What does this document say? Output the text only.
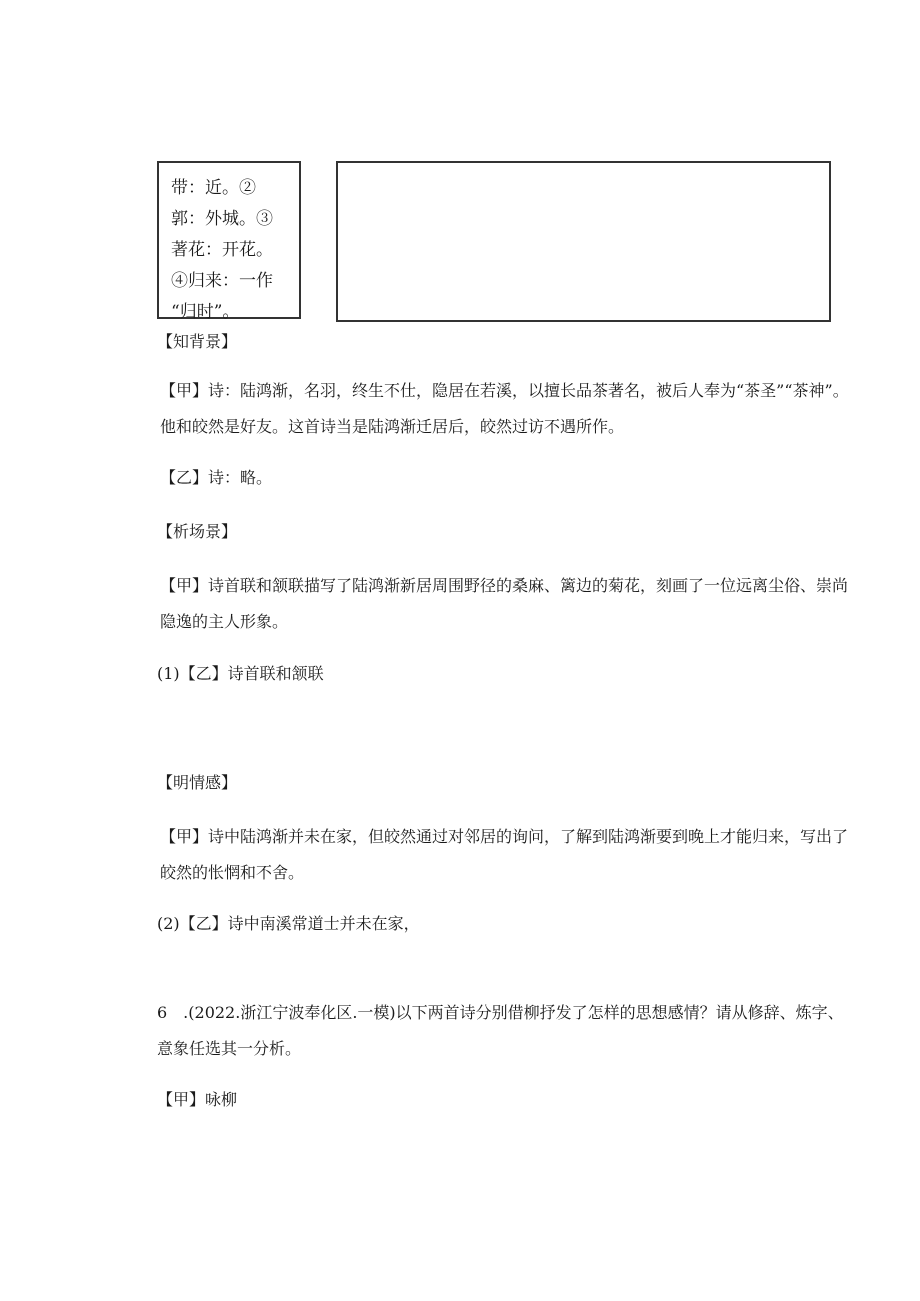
带：近。②
郭：外城。③
著花：开花。
④归来：一作
“归时”。

【知背景】

【甲】诗：陆鸿渐，名羽，终生不仕，隐居在若溪，以擅长品茶著名，被后人奉为“茶圣”“茶神”。他和皎然是好友。这首诗当是陆鸿渐迁居后，皎然过访不遇所作。

【乙】诗：略。

【析场景】

【甲】诗首联和颔联描写了陆鸿渐新居周围野径的桑麻、篱边的菊花，刻画了一位远离尘俗、崇尚隐逸的主人形象。

(1)【乙】诗首联和颔联

【明情感】

【甲】诗中陆鸿渐并未在家，但皎然通过对邻居的询问，了解到陆鸿渐要到晚上才能归来，写出了皎然的怅惘和不舍。

(2)【乙】诗中南溪常道士并未在家，

6　.(2022.浙江宁波奉化区.一模)以下两首诗分别借柳抒发了怎样的思想感情？请从修辞、炼字、意象任选其一分析。

【甲】咏柳
